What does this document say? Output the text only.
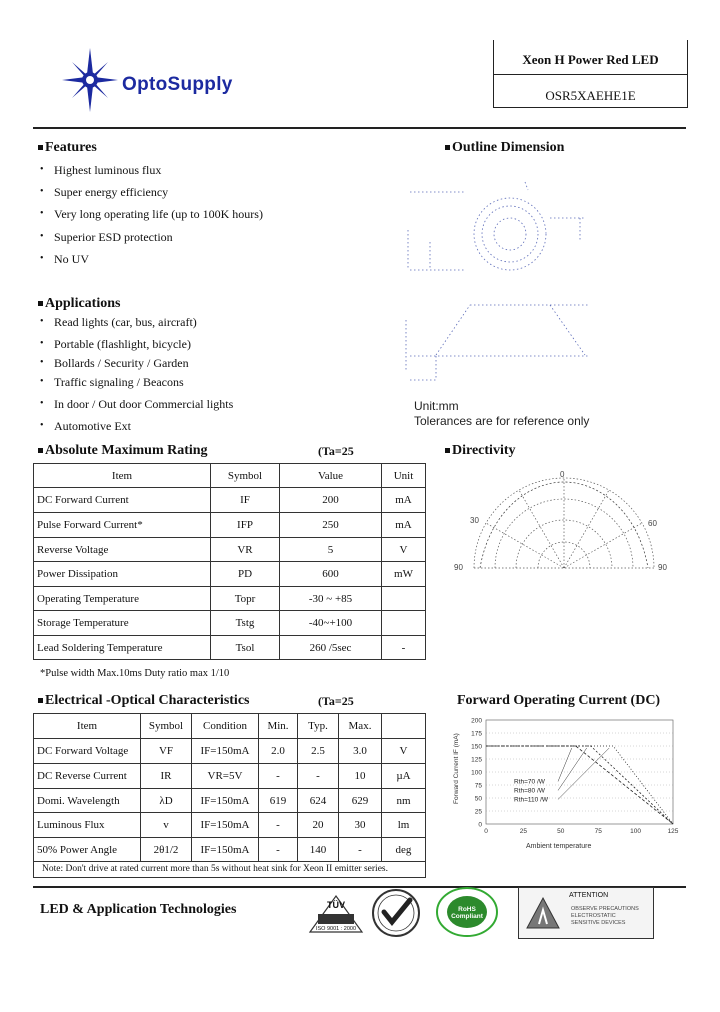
OptoSupply
Xeon H Power Red LED
OSR5XAEHE1E
Features
• Highest luminous flux
• Super energy efficiency
• Very long operating life (up to 100K hours)
• Superior ESD protection
• No UV
Outline Dimension
Unit:mm
Tolerances are for reference only
Applications
• Read lights (car, bus, aircraft)
• Portable (flashlight, bicycle)
• Bollards / Security / Garden
• Traffic signaling / Beacons
• In door / Out door Commercial lights
• Automotive Ext
Absolute Maximum Rating	(Ta=25
Item	Symbol	Value	Unit
DC Forward Current	IF	200	mA
Pulse Forward Current*	IFP	250	mA
Reverse Voltage	VR	5	V
Power Dissipation	PD	600	mW
Operating Temperature	Topr	-30 ~ +85	
Storage Temperature	Tstg	-40~+100	
Lead Soldering Temperature	Tsol	260 /5sec	-
*Pulse width Max.10ms Duty ratio max 1/10
Directivity
0
30	60
90	90
Electrical -Optical Characteristics	(Ta=25
Item	Symbol	Condition	Min.	Typ.	Max.	
DC Forward Voltage	VF	IF=150mA	2.0	2.5	3.0	V
DC Reverse Current	IR	VR=5V	-	-	10	µA
Domi. Wavelength	λD	IF=150mA	619	624	629	nm
Luminous Flux	v	IF=150mA	-	20	30	lm
50% Power Angle	2θ1/2	IF=150mA	-	140	-	deg
Note: Don't drive at rated current more than 5s without heat sink for Xeon II emitter series.
Forward Operating Current (DC)
Forward Current IF (mA)
Ambient temperature
0
25
50
75
100
125
150
175
200
0	25	50	75	100	125
Rth=70 /W
Rth=80 /W
Rth=110 /W
LED & Application Technologies	TÜV
ISO 9001 : 2000
RoHS Compliant
ATTENTION
OBSERVE PRECAUTIONS
ELECTROSTATIC
SENSITIVE DEVICES
